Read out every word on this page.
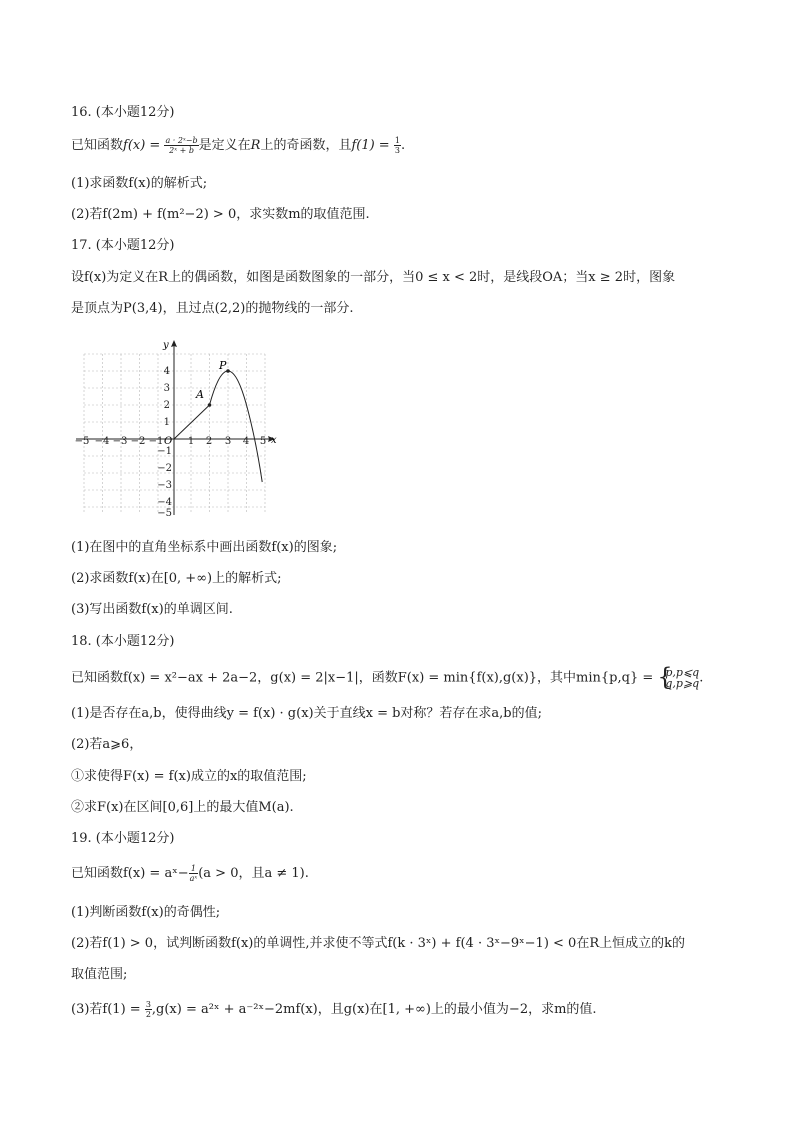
16. (本小题12分)
已知函数$f(x) = \frac{\text{a · 2ˣ−b}}{\text{2ˣ + b}}$ 是定义在R上的奇函数，且$f(1) = \frac{1}{3}$ .
(1)求函数f(x)的解析式;
(2)若f(2m) + f(m²−2) > 0，求实数m的取值范围.
17. (本小题12分)
设f(x)为定义在R上的偶函数，如图是函数图象的一部分，当0 ≤ x < 2时，是线段OA；当x ≥ 2时，图象
是顶点为P(3,4)，且过点(2,2)的抛物线的一部分.
x
y
O
−5 −4 −3 −2 −1 1 2 3 4 5
1
2
3
4
−1
−2
−3
−4
−5
A
P
(1)在图中的直角坐标系中画出函数f(x)的图象;
(2)求函数f(x)在[0, +∞)上的解析式;
(3)写出函数f(x)的单调区间.
18. (本小题12分)
已知函数f(x) = x²−ax + 2a−2，g(x) = 2|x−1|，函数F(x) = min{f(x),g(x)}，其中min{p,q} =
{ p,p⩽q
q,p⩾q .
(1)是否存在a,b，使得曲线y = f(x) · g(x)关于直线x = b对称？若存在求a,b的值;
(2)若a⩾6，
①求使得F(x) = f(x)成立的x的取值范围;
②求F(x)在区间[0,6]上的最大值M(a).
19. (本小题12分)
已知函数f(x) = aˣ− $\frac{1}{\text{aˣ}} (a > 0$，且a ≠ 1).
(1)判断函数f(x)的奇偶性;
(2)若f(1) > 0，试判断函数f(x)的单调性,并求使不等式f(k · 3ˣ) + f(4 · 3ˣ−9ˣ−1) < 0在R上恒成立的k的
取值范围;
(3)若$f(1) = \frac{3}{2} ,g(x)$ = a²ˣ + a⁻²ˣ−2mf(x)，且g(x)在[1, +∞)上的最小值为−2，求m的值.
